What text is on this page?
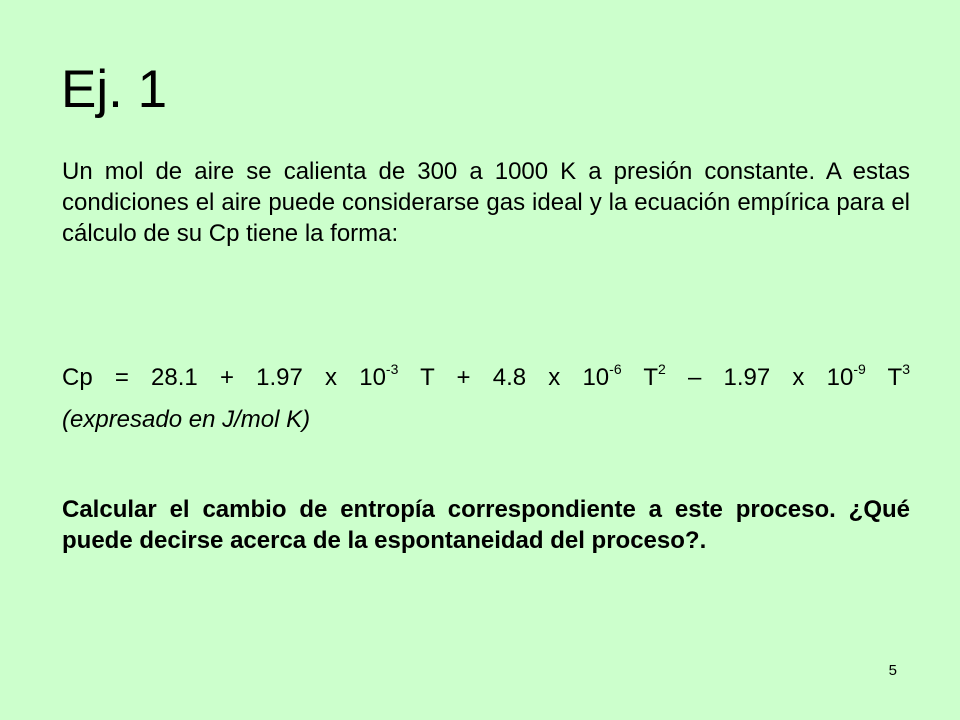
Ej. 1

Un mol de aire se calienta de 300 a 1000 K a presión constante. A estas condiciones el aire puede considerarse gas ideal y la ecuación empírica para el cálculo de su Cp tiene la forma:

Cp = 28.1 + 1.97 x $10^{-3}$ T + 4.8 x $10^{-6}$ $T^2 - 1.97$ x $10^{-9}$ $T^3$

(expresado en J/mol K)

Calcular el cambio de entropía correspondiente a este proceso. ¿Qué puede decirse acerca de la espontaneidad del proceso?.

5
